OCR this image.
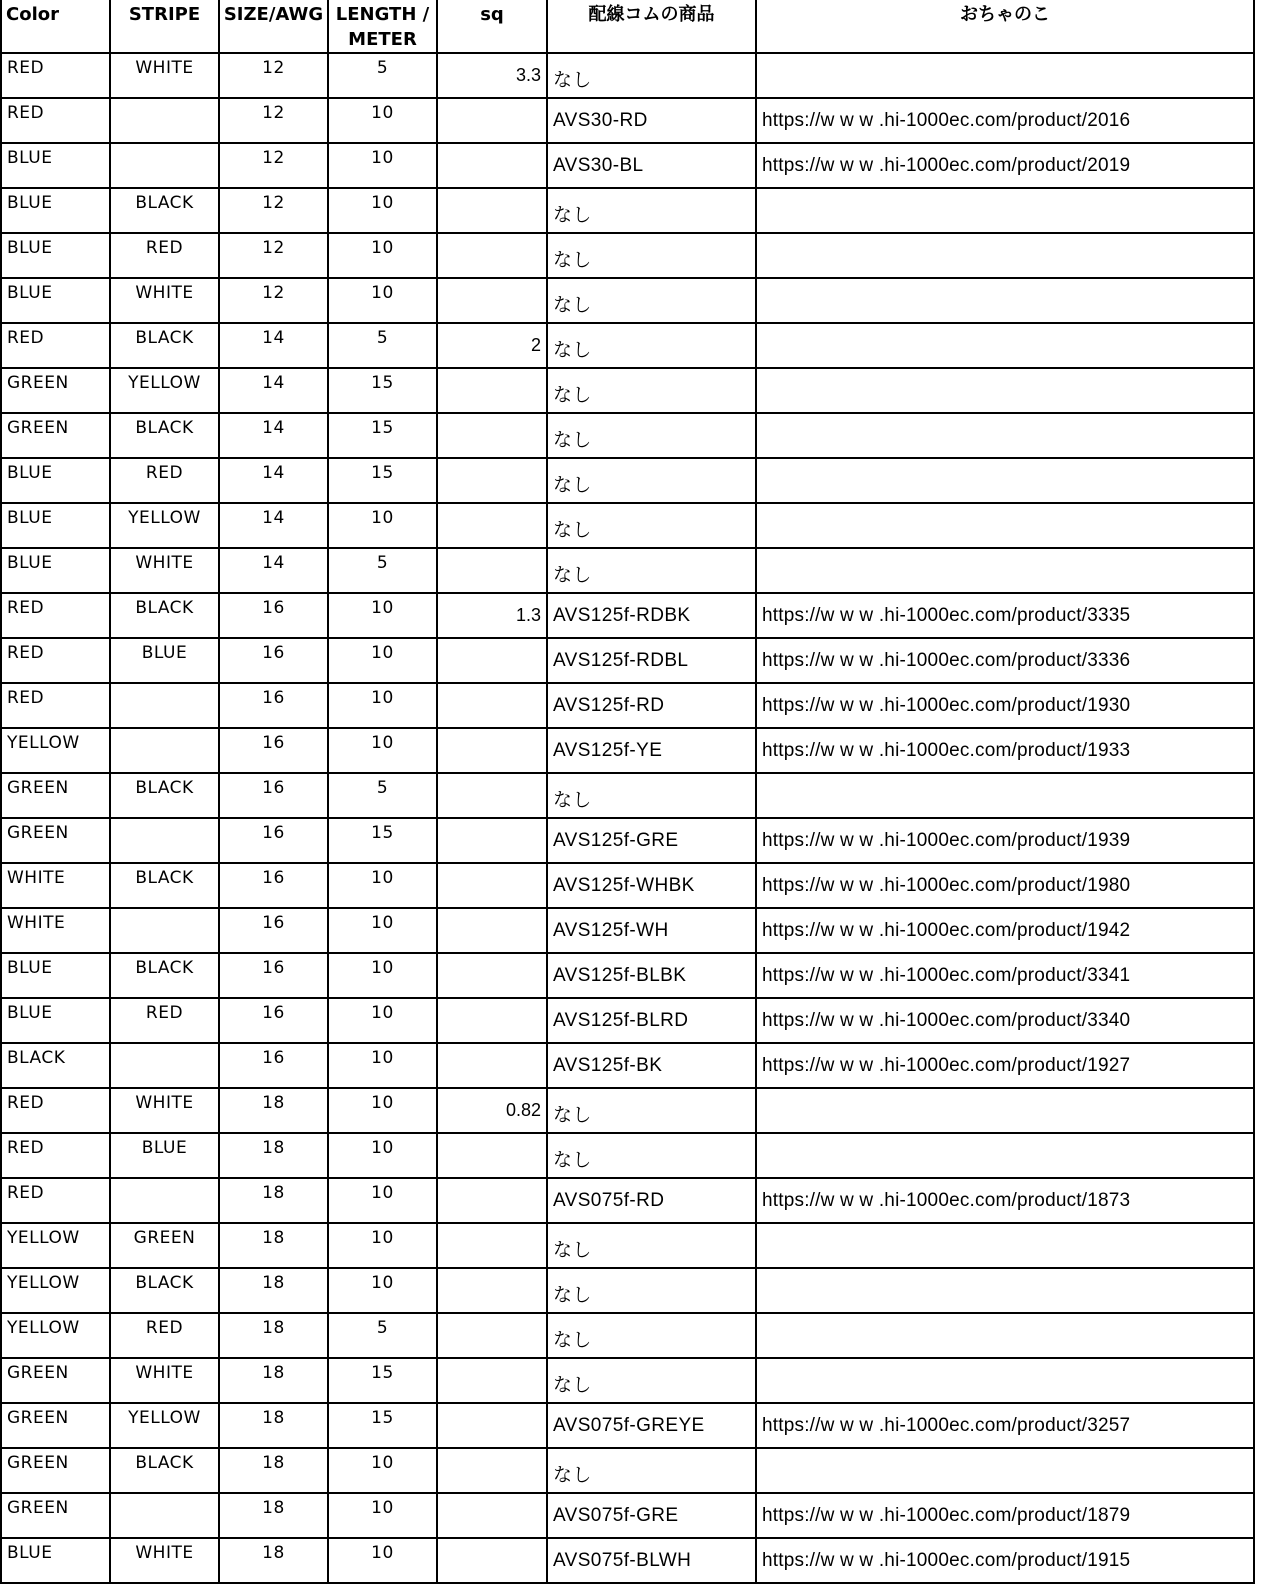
Color	STRIPE	SIZE/AWG	LENGTH / METER	sq	配線コムの商品	おちゃのこ
RED	WHITE	12	5	3.3	なし	
RED		12	10		AVS30-RD	https://w w w .hi-1000ec.com/product/2016
BLUE		12	10		AVS30-BL	https://w w w .hi-1000ec.com/product/2019
BLUE	BLACK	12	10		なし	
BLUE	RED	12	10		なし	
BLUE	WHITE	12	10		なし	
RED	BLACK	14	5	2	なし	
GREEN	YELLOW	14	15		なし	
GREEN	BLACK	14	15		なし	
BLUE	RED	14	15		なし	
BLUE	YELLOW	14	10		なし	
BLUE	WHITE	14	5		なし	
RED	BLACK	16	10	1.3	AVS125f-RDBK	https://w w w .hi-1000ec.com/product/3335
RED	BLUE	16	10		AVS125f-RDBL	https://w w w .hi-1000ec.com/product/3336
RED		16	10		AVS125f-RD	https://w w w .hi-1000ec.com/product/1930
YELLOW		16	10		AVS125f-YE	https://w w w .hi-1000ec.com/product/1933
GREEN	BLACK	16	5		なし	
GREEN		16	15		AVS125f-GRE	https://w w w .hi-1000ec.com/product/1939
WHITE	BLACK	16	10		AVS125f-WHBK	https://w w w .hi-1000ec.com/product/1980
WHITE		16	10		AVS125f-WH	https://w w w .hi-1000ec.com/product/1942
BLUE	BLACK	16	10		AVS125f-BLBK	https://w w w .hi-1000ec.com/product/3341
BLUE	RED	16	10		AVS125f-BLRD	https://w w w .hi-1000ec.com/product/3340
BLACK		16	10		AVS125f-BK	https://w w w .hi-1000ec.com/product/1927
RED	WHITE	18	10	0.82	なし	
RED	BLUE	18	10		なし	
RED		18	10		AVS075f-RD	https://w w w .hi-1000ec.com/product/1873
YELLOW	GREEN	18	10		なし	
YELLOW	BLACK	18	10		なし	
YELLOW	RED	18	5		なし	
GREEN	WHITE	18	15		なし	
GREEN	YELLOW	18	15		AVS075f-GREYE	https://w w w .hi-1000ec.com/product/3257
GREEN	BLACK	18	10		なし	
GREEN		18	10		AVS075f-GRE	https://w w w .hi-1000ec.com/product/1879
BLUE	WHITE	18	10		AVS075f-BLWH	https://w w w .hi-1000ec.com/product/1915
